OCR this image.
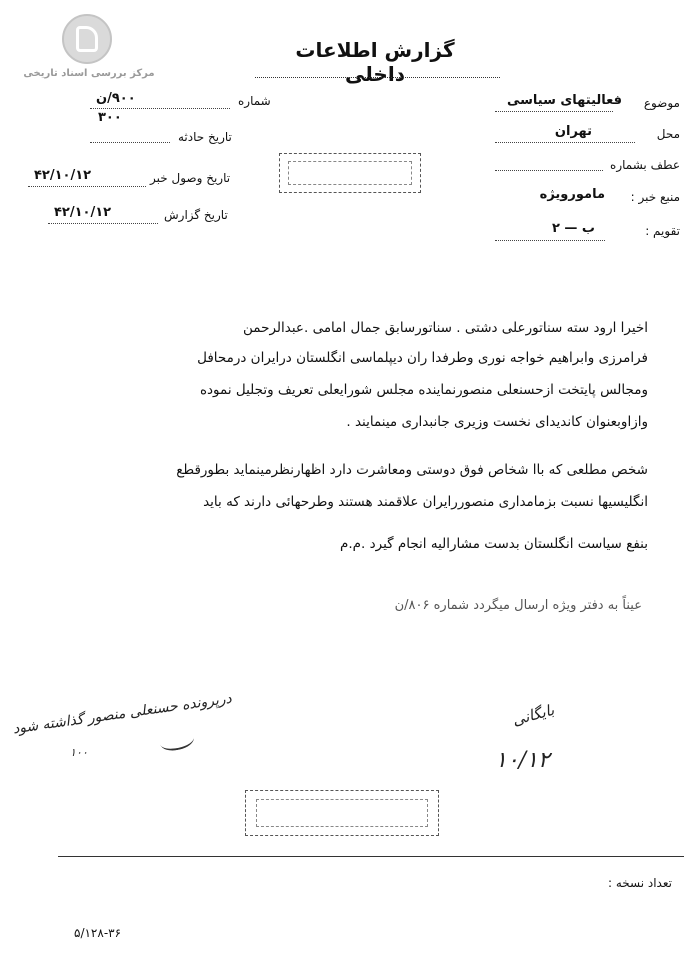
مرکز بررسی اسناد تاریخی
گزارش اطلاعات داخلی
موضوع
فعالیتهای سیاسی
محل
تهران
عطف بشماره
منبع خبر :
مامورویژه
تقویم :
ب — ۲
شماره
۹۰۰/ن
۳۰۰
تاریخ حادثه
تاریخ وصول خبر
۴۲/۱۰/۱۲
تاریخ گزارش
۴۲/۱۰/۱۲
اخیرا ارود سته سناتورعلی دشتی . سناتورسابق جمال امامی .عبدالرحمن
فرامرزی وابراهیم خواجه نوری وطرفدا ران دیپلماسی انگلستان درایران درمحافل
ومجالس پایتخت ازحسنعلی منصورنماینده مجلس شورایعلی تعریف وتجلیل نموده
وازاوبعنوان کاندیدای نخست وزیری جانبداری مینمایند .
شخص مطلعی که باا شخاص فوق دوستی ومعاشرت دارد اظهارنظرمینماید بطورقطع
انگلیسیها نسبت بزمامداری منصوررایران علاقمند هستند وطرحهائی دارند که باید
بنفع سیاست انگلستان بدست مشارالیه انجام گیرد .م.م
عیناً به دفتر ویژه ارسال میگردد شماره ۸۰۶/ن
درپرونده حسنعلی منصور گذاشته شود
۱۰۰
بایگانی
۱۰/۱۲
تعداد نسخه :
۵/۱۲۸-۳۶
